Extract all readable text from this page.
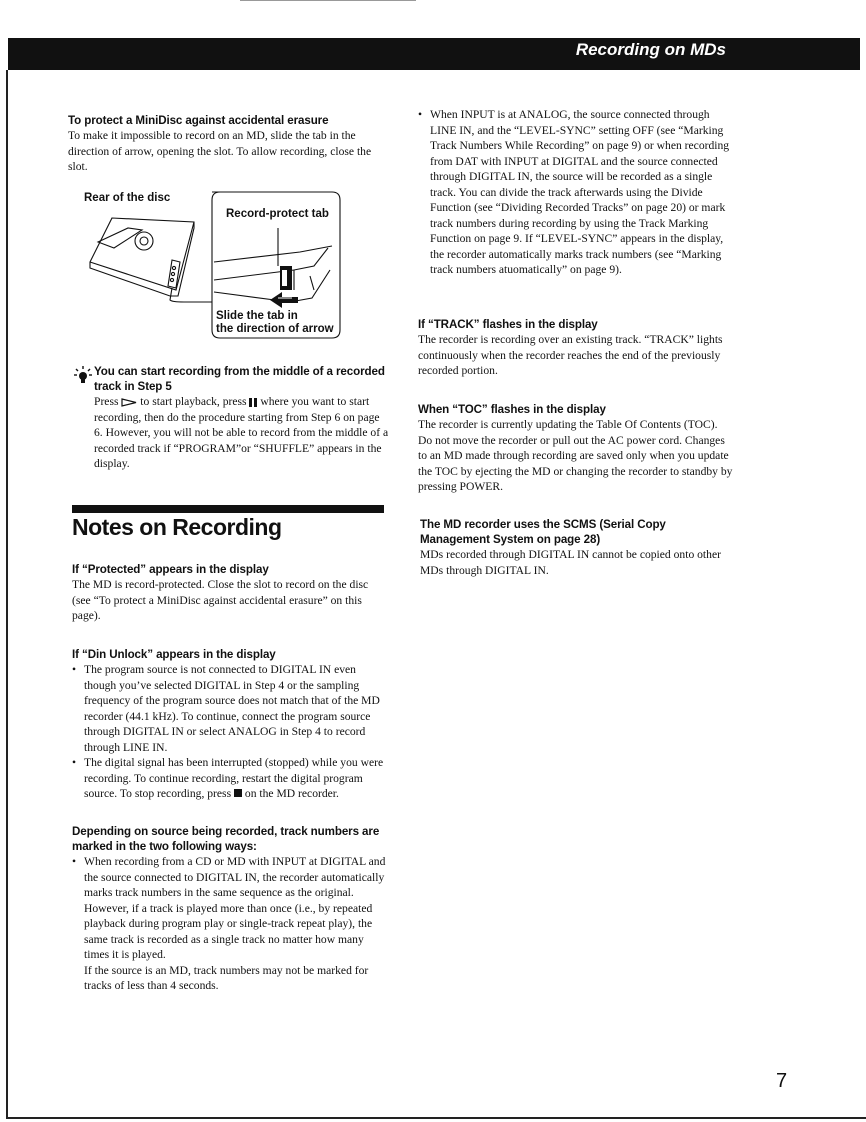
Recording on MDs
To protect a MiniDisc against accidental erasure

To make it impossible to record on an MD, slide the tab in the direction of arrow, opening the slot. To allow recording, close the slot.

Rear of the disc
Record-protect tab
Slide the tab in
the direction of arrow
You can start recording from the middle of a recorded track in Step 5

Press to start playback, press where you want to start recording, then do the procedure starting from Step 6 on page 6. However, you will not be able to record from the middle of a recorded track if “PROGRAM”or “SHUFFLE” appears in the display.

Notes on Recording
If “Protected” appears in the display

The MD is record-protected. Close the slot to record on the disc (see “To protect a MiniDisc against accidental erasure” on this page).

If “Din Unlock” appears in the display
• The program source is not connected to DIGITAL IN even though you’ve selected DIGITAL in Step 4 or the sampling frequency of the program source does not match that of the MD recorder (44.1 kHz). To continue, connect the program source through DIGITAL IN or select ANALOG in Step 4 to record through LINE IN.
• The digital signal has been interrupted (stopped) while you were recording. To continue recording, restart the digital program source. To stop recording, press on the MD recorder.
Depending on source being recorded, track numbers are marked in the two following ways:
• When recording from a CD or MD with INPUT at DIGITAL and the source connected to DIGITAL IN, the recorder automatically marks track numbers in the same sequence as the original. However, if a track is played more than once (i.e., by repeated playback during program play or single-track repeat play), the same track is recorded as a single track no matter how many times it is played.

If the source is an MD, track numbers may not be marked for tracks of less than 4 seconds.

• When INPUT is at ANALOG, the source connected through LINE IN, and the “LEVEL-SYNC” setting OFF (see “Marking Track Numbers While Recording” on page 9) or when recording from DAT with INPUT at DIGITAL and the source connected through DIGITAL IN, the source will be recorded as a single track. You can divide the track afterwards using the Divide Function (see “Dividing Recorded Tracks” on page 20) or mark track numbers during recording by using the Track Marking Function on page 9. If “LEVEL-SYNC” appears in the display, the recorder automatically marks track numbers (see “Marking track numbers atuomatically” on page 9).
If “TRACK” flashes in the display

The recorder is recording over an existing track. “TRACK” lights continuously when the recorder reaches the end of the previously recorded portion.

When “TOC” flashes in the display

The recorder is currently updating the Table Of Contents (TOC). Do not move the recorder or pull out the AC power cord. Changes to an MD made through recording are saved only when you update the TOC by ejecting the MD or changing the recorder to standby by pressing POWER.

The MD recorder uses the SCMS (Serial Copy Management System on page 28)

MDs recorded through DIGITAL IN cannot be copied onto other MDs through DIGITAL IN.

7
